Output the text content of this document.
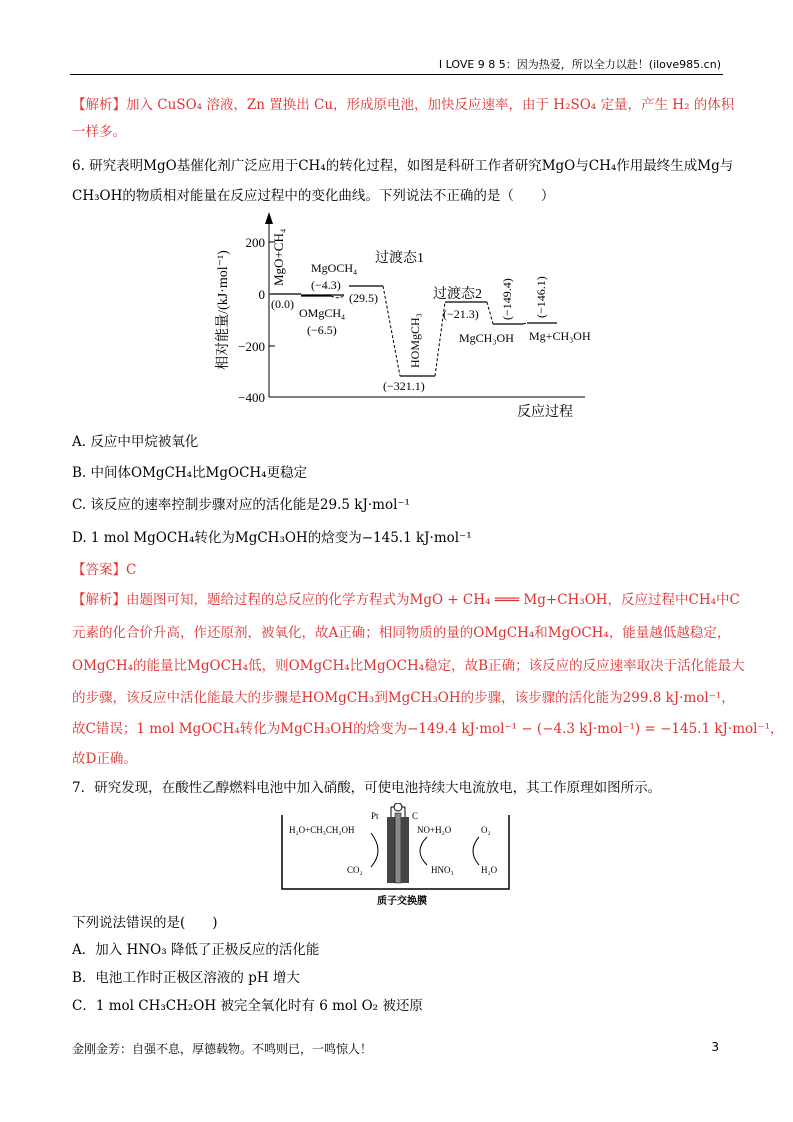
I LOVE 9 8 5：因为热爱，所以全力以赴！(ilove985.cn)
【解析】加入 CuSO₄ 溶液，Zn 置换出 Cu，形成原电池，加快反应速率，由于 H₂SO₄ 定量，产生 H₂ 的体积
一样多。
6. 研究表明MgO基催化剂广泛应用于CH₄的转化过程，如图是科研工作者研究MgO与CH₄作用最终生成Mg与
CH₃OH的物质相对能量在反应过程中的变化曲线。下列说法不正确的是（　　）
200
0
−200
−400
相对能量/(kJ·mol⁻¹)
反应过程
MgO+CH₄
(0.0)
OMgCH₄
(−6.5)
MgOCH₄
(−4.3)
过渡态1
(29.5)
HOMgCH₃
(−321.1)
过渡态2
(−21.3) (−149.4)
MgCH₃OH
(−146.1)
Mg+CH₃OH
A. 反应中甲烷被氧化
B. 中间体OMgCH₄比MgOCH₄更稳定
C. 该反应的速率控制步骤对应的活化能是29.5 kJ·mol⁻¹
D. 1 mol MgOCH₄转化为MgCH₃OH的焓变为−145.1 kJ·mol⁻¹
【答案】C
【解析】由题图可知，题给过程的总反应的化学方程式为MgO + CH₄ ═══ Mg+CH₃OH，反应过程中CH₄中C
元素的化合价升高，作还原剂，被氧化，故A正确；相同物质的量的OMgCH₄和MgOCH₄，能量越低越稳定，
OMgCH₄的能量比MgOCH₄低，则OMgCH₄比MgOCH₄稳定，故B正确；该反应的反应速率取决于活化能最大
的步骤，该反应中活化能最大的步骤是HOMgCH₃到MgCH₃OH的步骤，该步骤的活化能为299.8 kJ·mol⁻¹，
故C错误；1 mol MgOCH₄转化为MgCH₃OH的焓变为−149.4 kJ·mol⁻¹ − (−4.3 kJ·mol⁻¹) = −145.1 kJ·mol⁻¹，
故D正确。
7．研究发现，在酸性乙醇燃料电池中加入硝酸，可使电池持续大电流放电，其工作原理如图所示。
Pt	C
H₂O+CH₃CH₂OH
CO₂
NO+H₂O	O₂
HNO₃	H₂O
质子交换膜
下列说法错误的是(　　)
A．加入 HNO₃ 降低了正极反应的活化能
B．电池工作时正极区溶液的 pH 增大
C．1 mol CH₃CH₂OH 被完全氧化时有 6 mol O₂ 被还原
金刚金芳：自强不息，厚德载物。不鸣则已，一鸣惊人！	3
